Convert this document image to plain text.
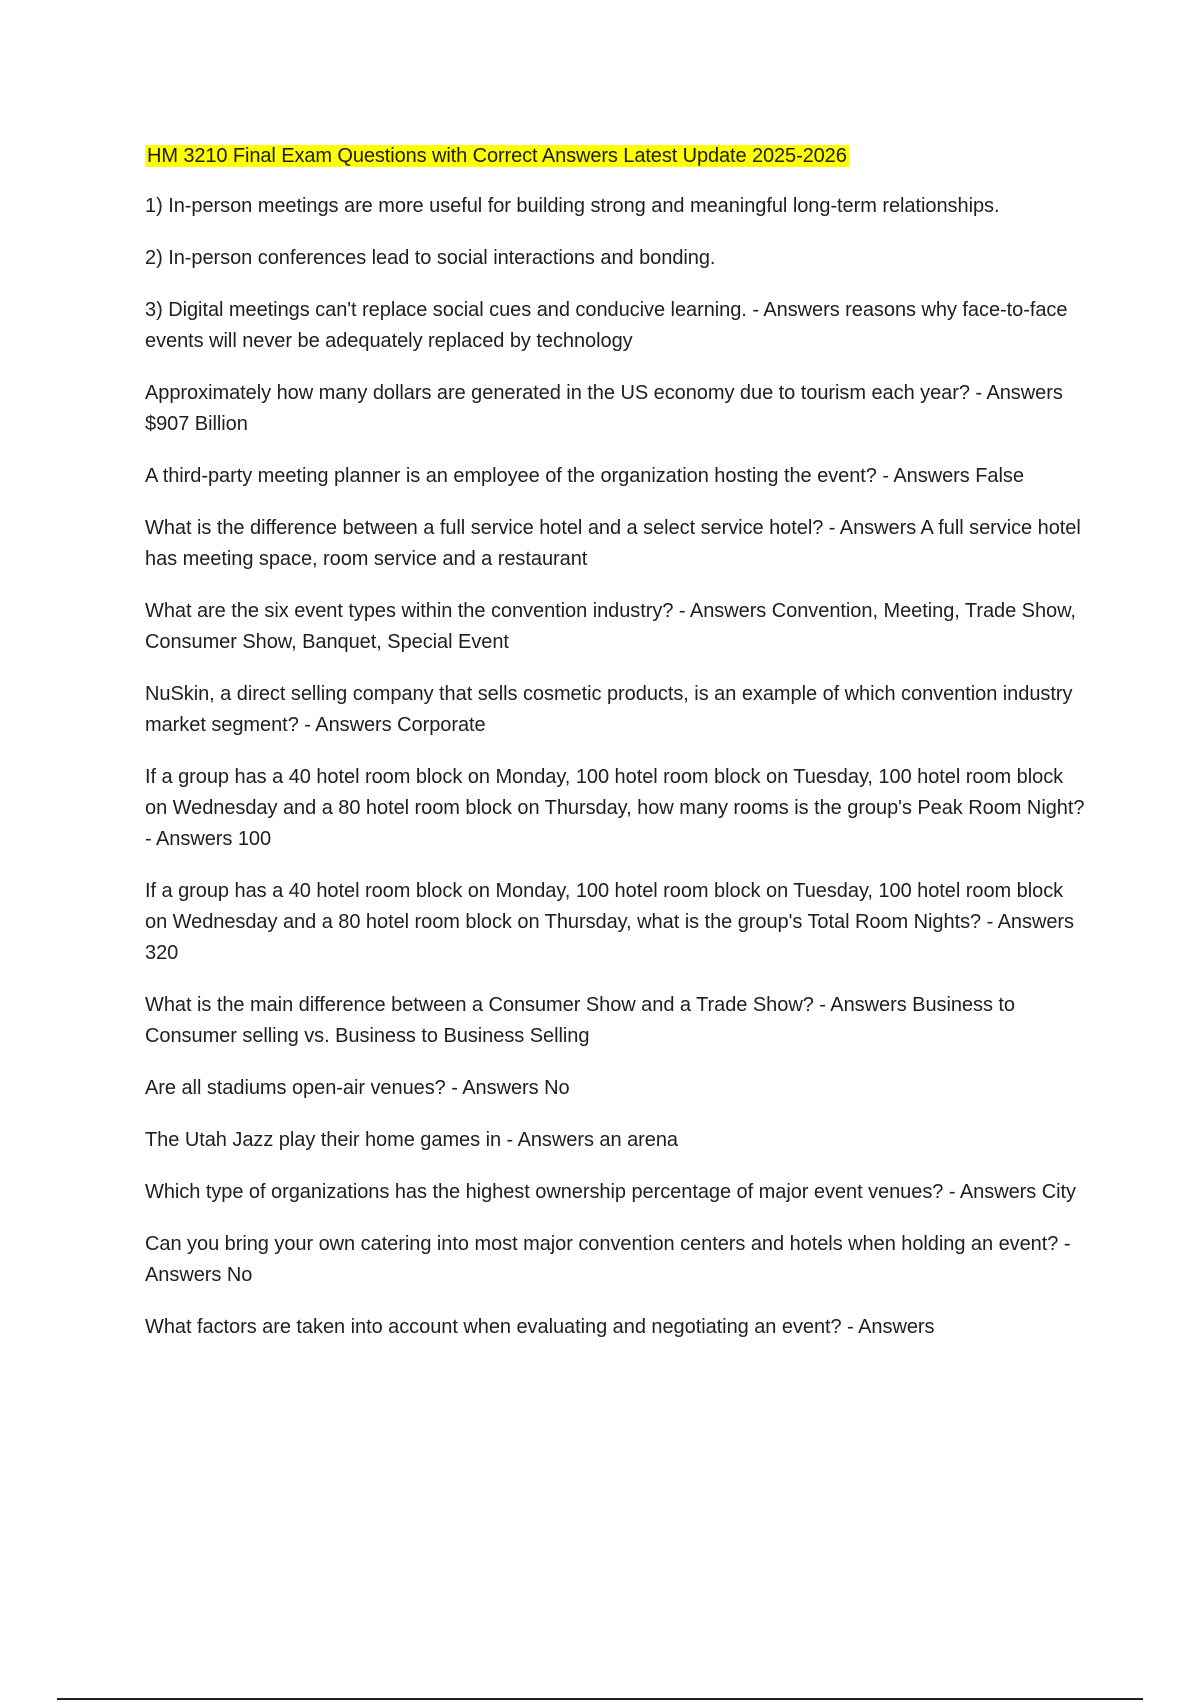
HM 3210 Final Exam Questions with Correct Answers Latest Update 2025-2026

1) In-person meetings are more useful for building strong and meaningful long-term relationships.

2) In-person conferences lead to social interactions and bonding.

3) Digital meetings can't replace social cues and conducive learning. - Answers reasons why face-to-face events will never be adequately replaced by technology

Approximately how many dollars are generated in the US economy due to tourism each year? - Answers $907 Billion

A third-party meeting planner is an employee of the organization hosting the event? - Answers False

What is the difference between a full service hotel and a select service hotel? - Answers A full service hotel has meeting space, room service and a restaurant

What are the six event types within the convention industry? - Answers Convention, Meeting, Trade Show, Consumer Show, Banquet, Special Event

NuSkin, a direct selling company that sells cosmetic products, is an example of which convention industry market segment? - Answers Corporate

If a group has a 40 hotel room block on Monday, 100 hotel room block on Tuesday, 100 hotel room block on Wednesday and a 80 hotel room block on Thursday, how many rooms is the group's Peak Room Night? - Answers 100

If a group has a 40 hotel room block on Monday, 100 hotel room block on Tuesday, 100 hotel room block on Wednesday and a 80 hotel room block on Thursday, what is the group's Total Room Nights? - Answers 320

What is the main difference between a Consumer Show and a Trade Show? - Answers Business to Consumer selling vs. Business to Business Selling

Are all stadiums open-air venues? - Answers No

The Utah Jazz play their home games in - Answers an arena

Which type of organizations has the highest ownership percentage of major event venues? - Answers City

Can you bring your own catering into most major convention centers and hotels when holding an event? - Answers No

What factors are taken into account when evaluating and negotiating an event? - Answers
